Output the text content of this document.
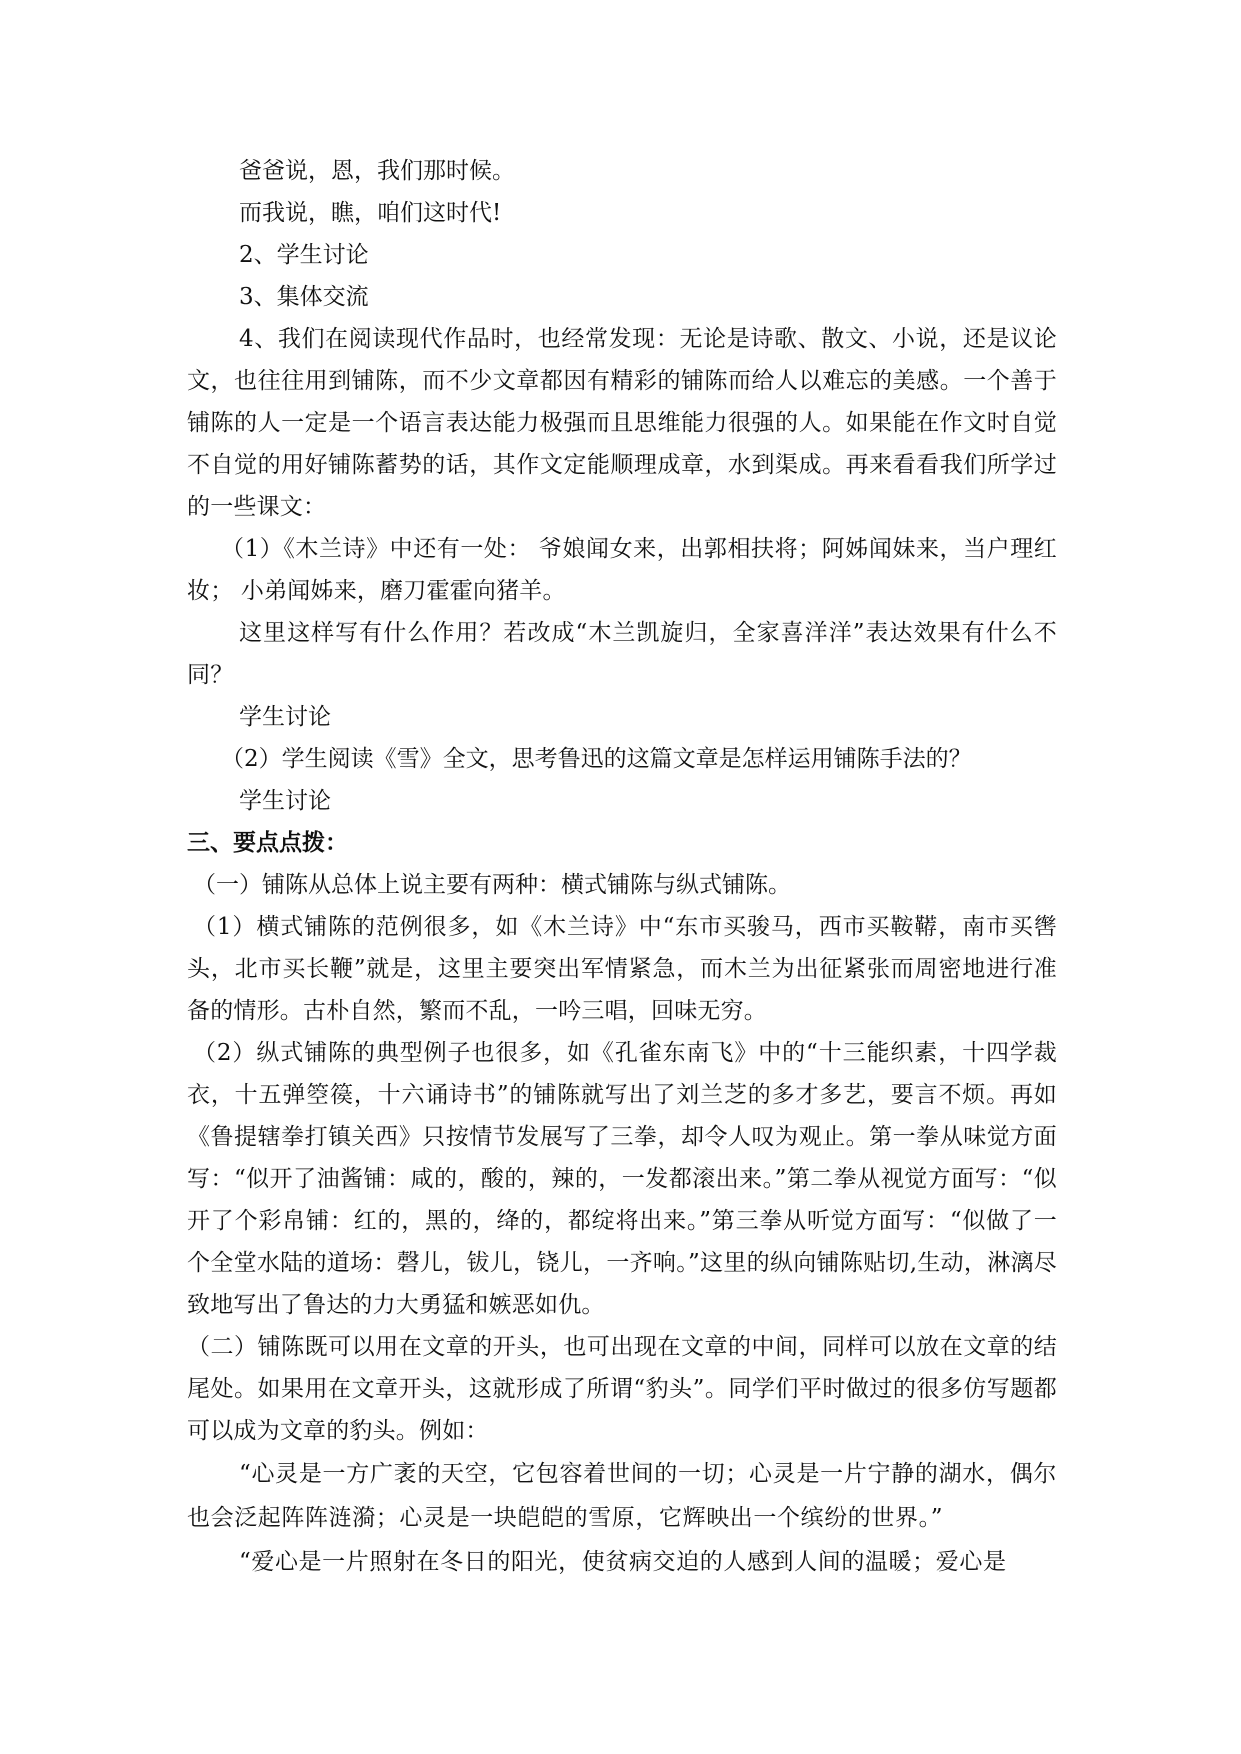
爸爸说，恩，我们那时候。

而我说，瞧，咱们这时代!

2、学生讨论

3、集体交流

4、我们在阅读现代作品时，也经常发现：无论是诗歌、散文、小说，还是议论文，也往往用到铺陈，而不少文章都因有精彩的铺陈而给人以难忘的美感。一个善于铺陈的人一定是一个语言表达能力极强而且思维能力很强的人。如果能在作文时自觉不自觉的用好铺陈蓄势的话，其作文定能顺理成章，水到渠成。再来看看我们所学过的一些课文：

（1）《木兰诗》中还有一处： 爷娘闻女来，出郭相扶将；阿姊闻妹来，当户理红妆； 小弟闻姊来，磨刀霍霍向猪羊。

这里这样写有什么作用？若改成“木兰凯旋归，全家喜洋洋”表达效果有什么不同？

学生讨论

（2）学生阅读《雪》全文，思考鲁迅的这篇文章是怎样运用铺陈手法的？

学生讨论

三、要点点拨：

（一）铺陈从总体上说主要有两种：横式铺陈与纵式铺陈。

（1）横式铺陈的范例很多，如《木兰诗》中“东市买骏马，西市买鞍鞯，南市买辔头，北市买长鞭”就是，这里主要突出军情紧急，而木兰为出征紧张而周密地进行准备的情形。古朴自然，繁而不乱，一吟三唱，回味无穷。

（2）纵式铺陈的典型例子也很多，如《孔雀东南飞》中的“十三能织素，十四学裁衣，十五弹箜篌，十六诵诗书”的铺陈就写出了刘兰芝的多才多艺，要言不烦。再如《鲁提辖拳打镇关西》只按情节发展写了三拳，却令人叹为观止。第一拳从味觉方面写：“似开了油酱铺：咸的，酸的，辣的，一发都滚出来。”第二拳从视觉方面写：“似开了个彩帛铺：红的，黑的，绛的，都绽将出来。”第三拳从听觉方面写：“似做了一个全堂水陆的道场：磬儿，钹儿，铙儿，一齐响。”这里的纵向铺陈贴切,生动，淋漓尽致地写出了鲁达的力大勇猛和嫉恶如仇。

（二）铺陈既可以用在文章的开头，也可出现在文章的中间，同样可以放在文章的结尾处。如果用在文章开头，这就形成了所谓“豹头”。同学们平时做过的很多仿写题都可以成为文章的豹头。例如：

“心灵是一方广袤的天空，它包容着世间的一切；心灵是一片宁静的湖水，偶尔也会泛起阵阵涟漪；心灵是一块皑皑的雪原，它辉映出一个缤纷的世界。”

“爱心是一片照射在冬日的阳光，使贫病交迫的人感到人间的温暖；爱心是
